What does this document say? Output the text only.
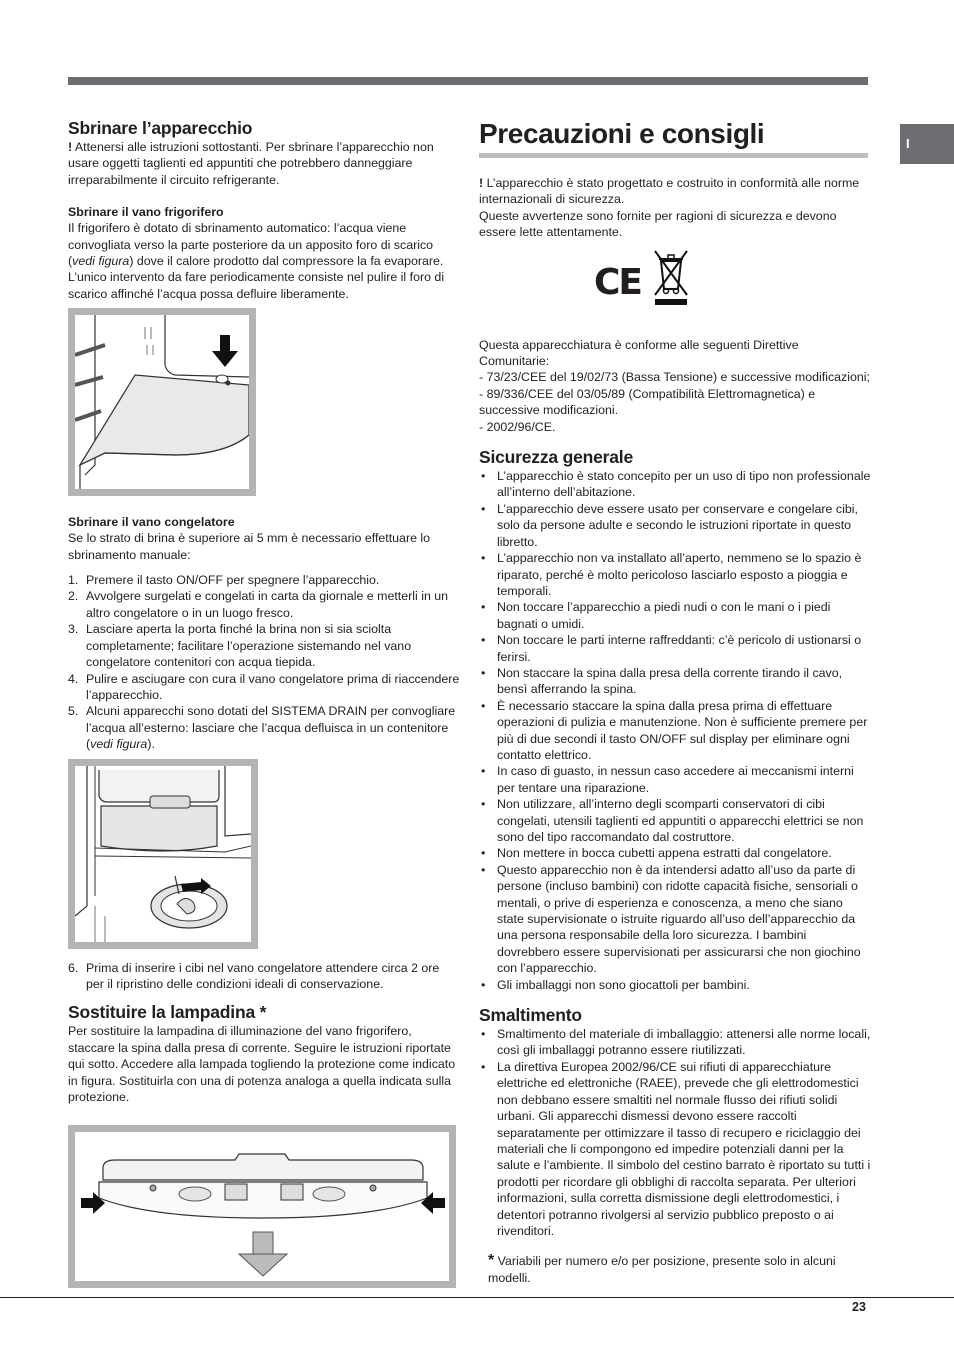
I
Sbrinare l’apparecchio

! Attenersi alle istruzioni sottostanti. Per sbrinare l’apparecchio non usare oggetti taglienti ed appuntiti che potrebbero danneggiare irreparabilmente il circuito refrigerante.

Sbrinare il vano frigorifero

Il frigorifero è dotato di sbrinamento automatico: l’acqua viene convogliata verso la parte posteriore da un apposito foro di scarico (vedi figura) dove il calore prodotto dal compressore la fa evaporare. L’unico intervento da fare periodicamente consiste nel pulire il foro di scarico affinché l’acqua possa defluire liberamente.

Sbrinare il vano congelatore

Se lo strato di brina è superiore ai 5 mm è necessario effettuare lo sbrinamento manuale:

1. Premere il tasto ON/OFF per spegnere l’apparecchio.
2. Avvolgere surgelati e congelati in carta da giornale e metterli in un altro congelatore o in un luogo fresco.
3. Lasciare aperta la porta finché la brina non si sia sciolta completamente; facilitare l’operazione sistemando nel vano congelatore contenitori con acqua tiepida.
4. Pulire e asciugare con cura il vano congelatore prima di riaccendere l’apparecchio.
5. Alcuni apparecchi sono dotati del SISTEMA DRAIN per convogliare l’acqua all’esterno: lasciare che l’acqua defluisca in un contenitore (vedi figura).
6. Prima di inserire i cibi nel vano congelatore attendere circa 2 ore per il ripristino delle condizioni ideali di conservazione.
Sostituire la lampadina *

Per sostituire la lampadina di illuminazione del vano frigorifero, staccare la spina dalla presa di corrente. Seguire le istruzioni riportate qui sotto. Accedere alla lampada togliendo la protezione come indicato in figura. Sostituirla con una di potenza analoga a quella indicata sulla protezione.

Precauzioni e consigli

! L’apparecchio è stato progettato e costruito in conformità alle norme internazionali di sicurezza.

Queste avvertenze sono fornite per ragioni di sicurezza e devono essere lette attentamente.

CE

Questa apparecchiatura è conforme alle seguenti Direttive Comunitarie:

- 73/23/CEE del 19/02/73 (Bassa Tensione) e successive modificazioni;

- 89/336/CEE del 03/05/89 (Compatibilità Elettromagnetica) e successive modificazioni.

- 2002/96/CE.

Sicurezza generale
• L’apparecchio è stato concepito per un uso di tipo non professionale all’interno dell’abitazione.
• L’apparecchio deve essere usato per conservare e congelare cibi, solo da persone adulte e secondo le istruzioni riportate in questo libretto.
• L’apparecchio non va installato all’aperto, nemmeno se lo spazio è riparato, perché è molto pericoloso lasciarlo esposto a pioggia e temporali.
• Non toccare l’apparecchio a piedi nudi o con le mani o i piedi bagnati o umidi.
• Non toccare le parti interne raffreddanti: c’è pericolo di ustionarsi o ferirsi.
• Non staccare la spina dalla presa della corrente tirando il cavo, bensì afferrando la spina.
• È necessario staccare la spina dalla presa prima di effettuare operazioni di pulizia e manutenzione. Non è sufficiente premere per più di due secondi il tasto ON/OFF sul display per eliminare ogni contatto elettrico.
• In caso di guasto, in nessun caso accedere ai meccanismi interni per tentare una riparazione.
• Non utilizzare, all’interno degli scomparti conservatori di cibi congelati, utensili taglienti ed appuntiti o apparecchi elettrici se non sono del tipo raccomandato dal costruttore.
• Non mettere in bocca cubetti appena estratti dal congelatore.
• Questo apparecchio non è da intendersi adatto all’uso da parte di persone (incluso bambini) con ridotte capacità fisiche, sensoriali o mentali, o prive di esperienza e conoscenza, a meno che siano state supervisionate o istruite riguardo all’uso dell’apparecchio da una persona responsabile della loro sicurezza. I bambini dovrebbero essere supervisionati per assicurarsi che non giochino con l’apparecchio.
• Gli imballaggi non sono giocattoli per bambini.
Smaltimento
• Smaltimento del materiale di imballaggio: attenersi alle norme locali, così gli imballaggi potranno essere riutilizzati.
• La direttiva Europea 2002/96/CE sui rifiuti di apparecchiature elettriche ed elettroniche (RAEE), prevede che gli elettrodomestici non debbano essere smaltiti nel normale flusso dei rifiuti solidi urbani. Gli apparecchi dismessi devono essere raccolti separatamente per ottimizzare il tasso di recupero e riciclaggio dei materiali che li compongono ed impedire potenziali danni per la salute e l’ambiente. Il simbolo del cestino barrato è riportato su tutti i prodotti per ricordare gli obblighi di raccolta separata. Per ulteriori informazioni, sulla corretta dismissione degli elettrodomestici, i detentori potranno rivolgersi al servizio pubblico preposto o ai rivenditori.

* Variabili per numero e/o per posizione, presente solo in alcuni modelli.

23
